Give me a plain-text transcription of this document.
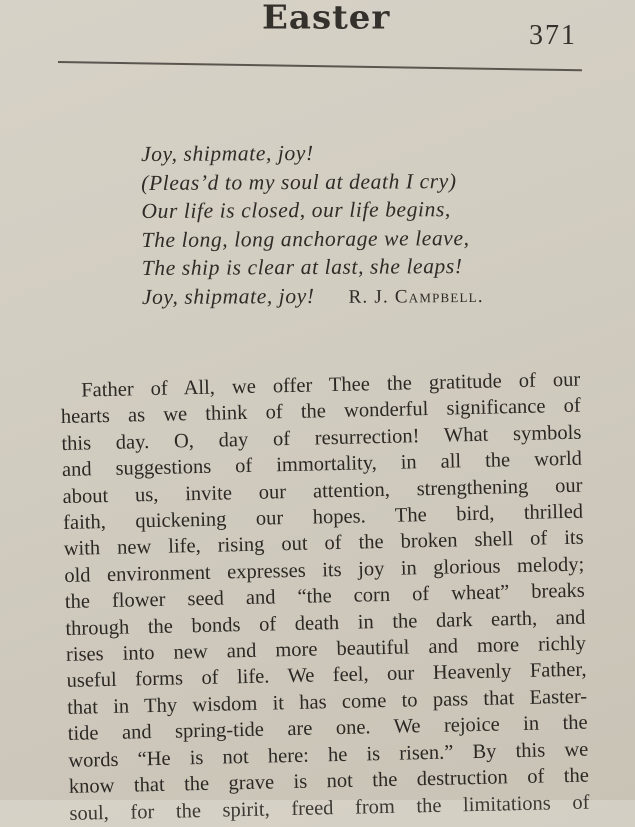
Easter	371
Joy, shipmate, joy!
(Pleas’d to my soul at death I cry)
Our life is closed, our life begins,
The long, long anchorage we leave,
The ship is clear at last, she leaps!
Joy, shipmate, joy! R. J. Campbell.
Father of All, we offer Thee the gratitude of our
hearts as we think of the wonderful significance of
this day. O, day of resurrection! What symbols
and suggestions of immortality, in all the world
about us, invite our attention, strengthening our
faith, quickening our hopes. The bird, thrilled
with new life, rising out of the broken shell of its
old environment expresses its joy in glorious melody;
the flower seed and “the corn of wheat” breaks
through the bonds of death in the dark earth, and
rises into new and more beautiful and more richly
useful forms of life. We feel, our Heavenly Father,
that in Thy wisdom it has come to pass that Easter-
tide and spring-tide are one. We rejoice in the
words “He is not here: he is risen.” By this we
know that the grave is not the destruction of the
soul, for the spirit, freed from the limitations of
